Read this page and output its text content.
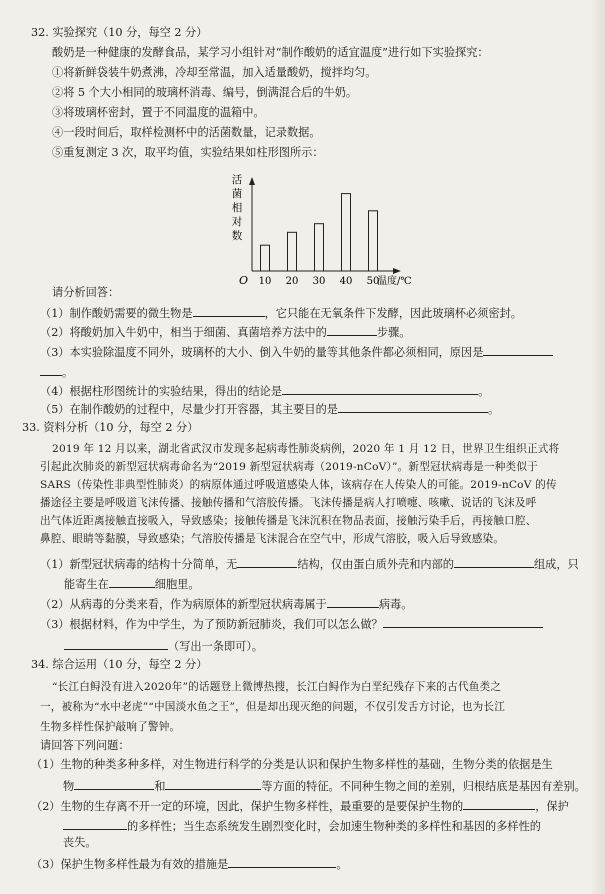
32. 实验探究（10 分，每空 2 分）
酸奶是一种健康的发酵食品，某学习小组针对“制作酸奶的适宜温度”进行如下实验探究：
①将新鲜袋装牛奶煮沸，冷却至常温，加入适量酸奶，搅拌均匀。
②将 5 个大小相同的玻璃杯消毒、编号，倒满混合后的牛奶。
③将玻璃杯密封，置于不同温度的温箱中。
④一段时间后，取样检测杯中的活菌数量，记录数据。
⑤重复测定 3 次，取平均值，实验结果如柱形图所示：
活
菌
相
对
数
O 10 20 30 40 50
温度/℃
请分析回答：
（1）制作酸奶需要的微生物是	，它只能在无氧条件下发酵，因此玻璃杯必须密封。
（2）将酸奶加入牛奶中，相当于细菌、真菌培养方法中的	步骤。
（3）本实验除温度不同外，玻璃杯的大小、倒入牛奶的量等其他条件都必须相同，原因是
。
（4）根据柱形图统计的实验结果，得出的结论是	。
（5）在制作酸奶的过程中，尽量少打开容器，其主要目的是	。
33. 资料分析（10 分，每空 2 分）
2019 年 12 月以来，湖北省武汉市发现多起病毒性肺炎病例，2020 年 1 月 12 日，世界卫生组织正式将
引起此次肺炎的新型冠状病毒命名为“2019 新型冠状病毒（2019-nCoV）”。新型冠状病毒是一种类似于
SARS（传染性非典型性肺炎）的病原体通过呼吸道感染人体，该病存在人传染人的可能。2019-nCoV 的传
播途径主要是呼吸道飞沫传播、接触传播和气溶胶传播。飞沫传播是病人打喷嚏、咳嗽、说话的飞沫及呼
出气体近距离接触直接吸入，导致感染；接触传播是飞沫沉积在物品表面，接触污染手后，再接触口腔、
鼻腔、眼睛等黏膜，导致感染；气溶胶传播是飞沫混合在空气中，形成气溶胶，吸入后导致感染。
（1）新型冠状病毒的结构十分简单，无	结构，仅由蛋白质外壳和内部的	组成，只
能寄生在	细胞里。
（2）从病毒的分类来看，作为病原体的新型冠状病毒属于	病毒。
（3）根据材料，作为中学生，为了预防新冠肺炎，我们可以怎么做？
（写出一条即可）。
34. 综合运用（10 分，每空 2 分）
“长江白鲟没有进入2020年”的话题登上微博热搜，长江白鲟作为白垩纪残存下来的古代鱼类之
一，被称为“水中老虎”“中国淡水鱼之王”，但是却出现灭绝的问题，不仅引发舌方讨论，也为长江
生物多样性保护敲响了警钟。
请回答下列问题：
（1）生物的种类多种多样，对生物进行科学的分类是认识和保护生物多样性的基础，生物分类的依据是生
物	和	等方面的特征。不同种生物之间的差别，归根结底是基因有差别。
（2）生物的生存离不开一定的环境，因此，保护生物多样性，最重要的是要保护生物的	，保护
的多样性；当生态系统发生剧烈变化时，会加速生物种类的多样性和基因的多样性的
丧失。
（3）保护生物多样性最为有效的措施是	。
